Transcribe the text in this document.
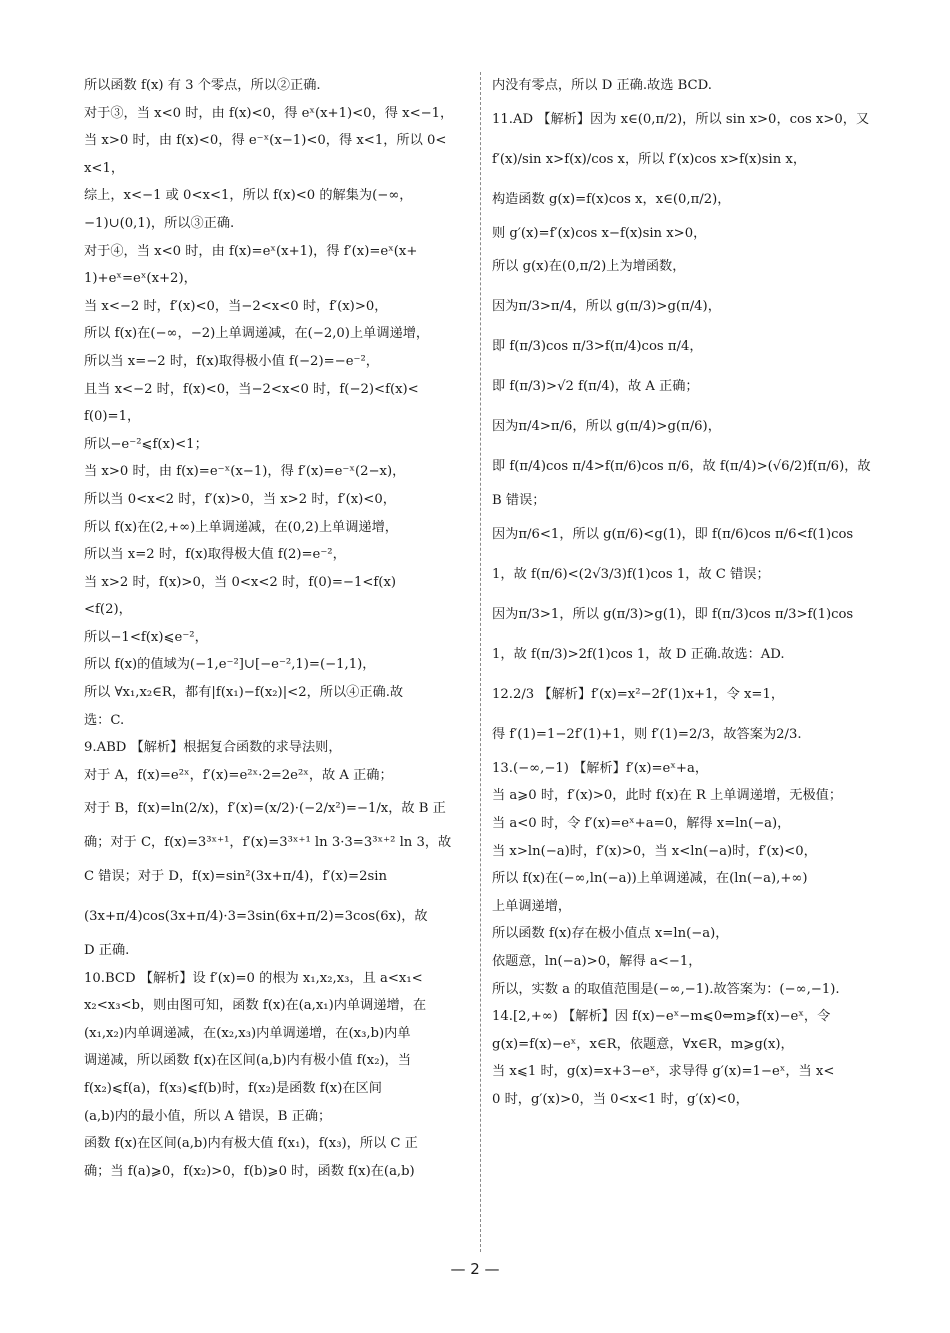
所以函数 f(x) 有 3 个零点，所以②正确.
对于③，当 x<0 时，由 f(x)<0，得 eˣ(x+1)<0，得 x<−1，
当 x>0 时，由 f(x)<0，得 e⁻ˣ(x−1)<0，得 x<1，所以 0<
x<1，
综上，x<−1 或 0<x<1，所以 f(x)<0 的解集为(−∞，
−1)∪(0,1)，所以③正确.
对于④，当 x<0 时，由 f(x)=eˣ(x+1)，得 f′(x)=eˣ(x+
1)+eˣ=eˣ(x+2)，
当 x<−2 时，f′(x)<0，当−2<x<0 时，f′(x)>0，
所以 f(x)在(−∞，−2)上单调递减，在(−2,0)上单调递增，
所以当 x=−2 时，f(x)取得极小值 f(−2)=−e⁻²，
且当 x<−2 时，f(x)<0，当−2<x<0 时，f(−2)<f(x)<
f(0)=1，
所以−e⁻²⩽f(x)<1；
当 x>0 时，由 f(x)=e⁻ˣ(x−1)，得 f′(x)=e⁻ˣ(2−x)，
所以当 0<x<2 时，f′(x)>0，当 x>2 时，f′(x)<0，
所以 f(x)在(2,+∞)上单调递减，在(0,2)上单调递增，
所以当 x=2 时，f(x)取得极大值 f(2)=e⁻²，
当 x>2 时，f(x)>0，当 0<x<2 时，f(0)=−1<f(x)
<f(2)，
所以−1<f(x)⩽e⁻²，
所以 f(x)的值域为(−1,e⁻²]∪[−e⁻²,1)=(−1,1)，
所以 ∀x₁,x₂∈R，都有|f(x₁)−f(x₂)|<2，所以④正确.故
选：C.
9.ABD 【解析】根据复合函数的求导法则，
对于 A，f(x)=e²ˣ，f′(x)=e²ˣ·2=2e²ˣ，故 A 正确；
对于 B，f(x)=ln(2/x)，f′(x)=(x/2)·(−2/x²)=−1/x，故 B 正
确；对于 C，f(x)=3³ˣ⁺¹，f′(x)=3³ˣ⁺¹ ln 3·3=3³ˣ⁺² ln 3，故
C 错误；对于 D，f(x)=sin²(3x+π/4)，f′(x)=2sin
(3x+π/4)cos(3x+π/4)·3=3sin(6x+π/2)=3cos(6x)，故
D 正确.
10.BCD 【解析】设 f′(x)=0 的根为 x₁,x₂,x₃，且 a<x₁<
x₂<x₃<b，则由图可知，函数 f(x)在(a,x₁)内单调递增，在
(x₁,x₂)内单调递减，在(x₂,x₃)内单调递增，在(x₃,b)内单
调递减，所以函数 f(x)在区间(a,b)内有极小值 f(x₂)，当
f(x₂)⩽f(a)，f(x₃)⩽f(b)时，f(x₂)是函数 f(x)在区间
(a,b)内的最小值，所以 A 错误，B 正确；
函数 f(x)在区间(a,b)内有极大值 f(x₁)，f(x₃)，所以 C 正
确；当 f(a)⩾0，f(x₂)>0，f(b)⩾0 时，函数 f(x)在(a,b)
内没有零点，所以 D 正确.故选 BCD.
11.AD 【解析】因为 x∈(0,π/2)，所以 sin x>0，cos x>0，又
f′(x)/sin x>f(x)/cos x，所以 f′(x)cos x>f(x)sin x，
构造函数 g(x)=f(x)cos x，x∈(0,π/2)，
则 g′(x)=f′(x)cos x−f(x)sin x>0，
所以 g(x)在(0,π/2)上为增函数，
因为π/3>π/4，所以 g(π/3)>g(π/4)，
即 f(π/3)cos π/3>f(π/4)cos π/4，
即 f(π/3)>√2 f(π/4)，故 A 正确；
因为π/4>π/6，所以 g(π/4)>g(π/6)，
即 f(π/4)cos π/4>f(π/6)cos π/6，故 f(π/4)>(√6/2)f(π/6)，故
B 错误；
因为π/6<1，所以 g(π/6)<g(1)，即 f(π/6)cos π/6<f(1)cos
1，故 f(π/6)<(2√3/3)f(1)cos 1，故 C 错误；
因为π/3>1，所以 g(π/3)>g(1)，即 f(π/3)cos π/3>f(1)cos
1，故 f(π/3)>2f(1)cos 1，故 D 正确.故选：AD.
12.2/3 【解析】f′(x)=x²−2f′(1)x+1，令 x=1，
得 f′(1)=1−2f′(1)+1，则 f′(1)=2/3，故答案为2/3.
13.(−∞,−1) 【解析】f′(x)=eˣ+a，
当 a⩾0 时，f′(x)>0，此时 f(x)在 R 上单调递增，无极值；
当 a<0 时，令 f′(x)=eˣ+a=0，解得 x=ln(−a)，
当 x>ln(−a)时，f′(x)>0，当 x<ln(−a)时，f′(x)<0，
所以 f(x)在(−∞,ln(−a))上单调递减，在(ln(−a),+∞)
上单调递增，
所以函数 f(x)存在极小值点 x=ln(−a)，
依题意，ln(−a)>0，解得 a<−1，
所以，实数 a 的取值范围是(−∞,−1).故答案为：(−∞,−1).
14.[2,+∞) 【解析】因 f(x)−eˣ−m⩽0⇔m⩾f(x)−eˣ，令
g(x)=f(x)−eˣ，x∈R，依题意，∀x∈R，m⩾g(x)，
当 x⩽1 时，g(x)=x+3−eˣ，求导得 g′(x)=1−eˣ，当 x<
0 时，g′(x)>0，当 0<x<1 时，g′(x)<0，
— 2 —
